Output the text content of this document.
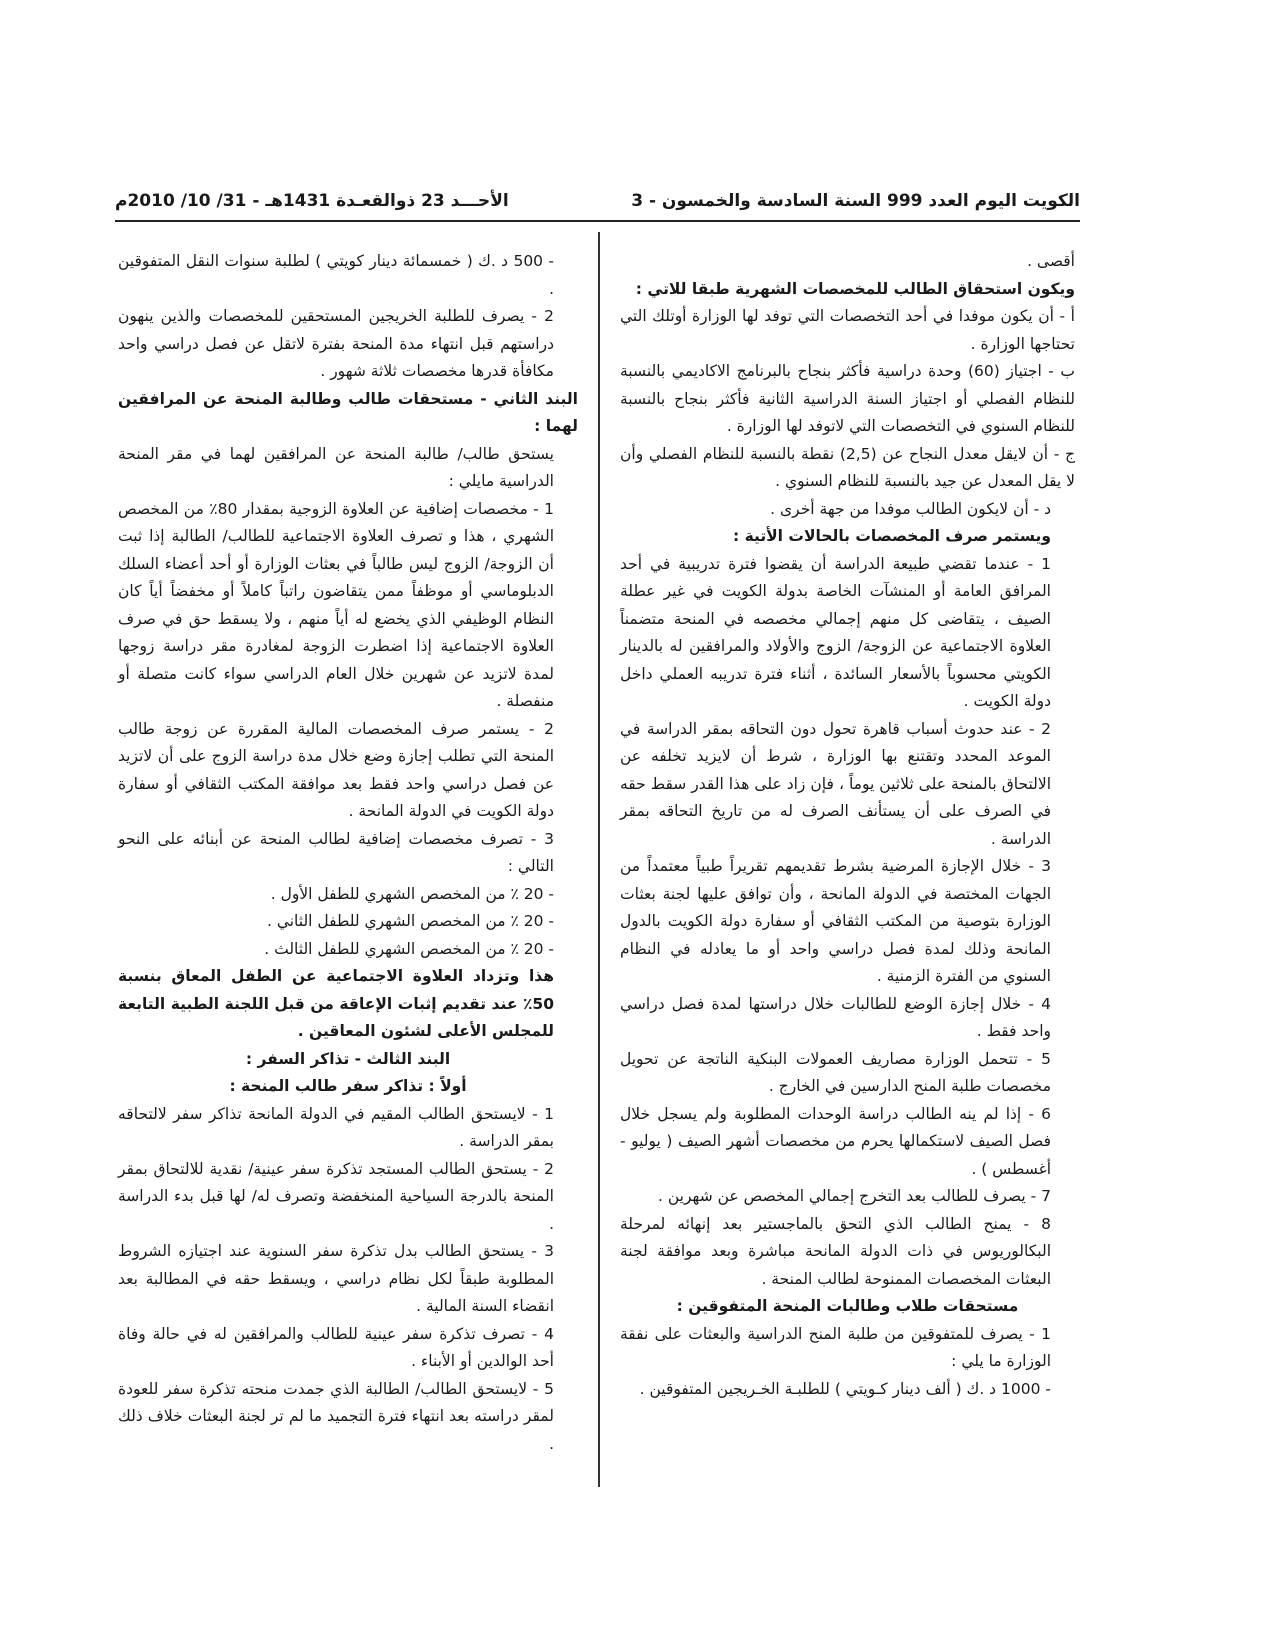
الكويت اليوم العدد 999 السنة السادسة والخمسون - 3
الأحـــد 23 ذوالقعـدة 1431هـ - 31/ 10/ 2010م

أقصى .

ويكون استحقاق الطالب للمخصصات الشهرية طبقا للاتي :

أ - أن يكون موفدا في أحد التخصصات التي توفد لها الوزارة أوتلك التي تحتاجها الوزارة .

ب - اجتياز (60) وحدة دراسية فأكثر بنجاح بالبرنامج الاكاديمي بالنسبة للنظام الفصلي أو اجتياز السنة الدراسية الثانية فأكثر بنجاح بالنسبة للنظام السنوي في التخصصات التي لاتوفد لها الوزارة .

ج - أن لايقل معدل النجاح عن (2,5) نقطة بالنسبة للنظام الفصلي وأن لا يقل المعدل عن جيد بالنسبة للنظام السنوي .

د - أن لايكون الطالب موفدا من جهة أخرى .

ويستمر صرف المخصصات بالحالات الأتية :

1 - عندما تقضي طبيعة الدراسة أن يقضوا فترة تدريبية في أحد المرافق العامة أو المنشآت الخاصة بدولة الكويت في غير عطلة الصيف ، يتقاضى كل منهم إجمالي مخصصه في المنحة متضمناً العلاوة الاجتماعية عن الزوجة/ الزوج والأولاد والمرافقين له بالدينار الكويتي محسوباً بالأسعار السائدة ، أثناء فترة تدريبه العملي داخل دولة الكويت .

2 - عند حدوث أسباب قاهرة تحول دون التحاقه بمقر الدراسة في الموعد المحدد وتقتنع بها الوزارة ، شرط أن لايزيد تخلفه عن الالتحاق بالمنحة على ثلاثين يوماً ، فإن زاد على هذا القدر سقط حقه في الصرف على أن يستأنف الصرف له من تاريخ التحاقه بمقر الدراسة .

3 - خلال الإجازة المرضية بشرط تقديمهم تقريراً طبياً معتمداً من الجهات المختصة في الدولة المانحة ، وأن توافق عليها لجنة بعثات الوزارة بتوصية من المكتب الثقافي أو سفارة دولة الكويت بالدول المانحة وذلك لمدة فصل دراسي واحد أو ما يعادله في النظام السنوي من الفترة الزمنية .

4 - خلال إجازة الوضع للطالبات خلال دراستها لمدة فصل دراسي واحد فقط .

5 - تتحمل الوزارة مصاريف العمولات البنكية الناتجة عن تحويل مخصصات طلبة المنح الدارسين في الخارج .

6 - إذا لم ينه الطالب دراسة الوحدات المطلوبة ولم يسجل خلال فصل الصيف لاستكمالها يحرم من مخصصات أشهر الصيف ( يوليو - أغسطس ) .

7 - يصرف للطالب بعد التخرج إجمالي المخصص عن شهرين .

8 - يمنح الطالب الذي التحق بالماجستير بعد إنهائه لمرحلة البكالوريوس في ذات الدولة المانحة مباشرة وبعد موافقة لجنة البعثات المخصصات الممنوحة لطالب المنحة .

مستحقات طلاب وطالبات المنحة المتفوقين :

1 - يصرف للمتفوقين من طلبة المنح الدراسية والبعثات على نفقة الوزارة ما يلي :

- 1000 د .ك ( ألف دينار كـويتي ) للطلبـة الخـريجين المتفوقين .

- 500 د .ك ( خمسمائة دينار كويتي ) لطلبة سنوات النقل المتفوقين .

2 - يصرف للطلبة الخريجين المستحقين للمخصصات والذين ينهون دراستهم قبل انتهاء مدة المنحة بفترة لاتقل عن فصل دراسي واحد مكافأة قدرها مخصصات ثلاثة شهور .

البند الثاني - مستحقات طالب وطالبة المنحة عن المرافقين لهما :

يستحق طالب/ طالبة المنحة عن المرافقين لهما في مقر المنحة الدراسية مايلي :

1 - مخصصات إضافية عن العلاوة الزوجية بمقدار 80٪ من المخصص الشهري ، هذا و تصرف العلاوة الاجتماعية للطالب/ الطالبة إذا ثبت أن الزوجة/ الزوج ليس طالباً في بعثات الوزارة أو أحد أعضاء السلك الدبلوماسي أو موظفاً ممن يتقاضون راتباً كاملاً أو مخفضاً أياً كان النظام الوظيفي الذي يخضع له أياً منهم ، ولا يسقط حق في صرف العلاوة الاجتماعية إذا اضطرت الزوجة لمغادرة مقر دراسة زوجها لمدة لاتزيد عن شهرين خلال العام الدراسي سواء كانت متصلة أو منفصلة .

2 - يستمر صرف المخصصات المالية المقررة عن زوجة طالب المنحة التي تطلب إجازة وضع خلال مدة دراسة الزوج على أن لاتزيد عن فصل دراسي واحد فقط بعد موافقة المكتب الثقافي أو سفارة دولة الكويت في الدولة المانحة .

3 - تصرف مخصصات إضافية لطالب المنحة عن أبنائه على النحو التالي :

- 20 ٪ من المخصص الشهري للطفل الأول .

- 20 ٪ من المخصص الشهري للطفل الثاني .

- 20 ٪ من المخصص الشهري للطفل الثالث .

هذا وتزداد العلاوة الاجتماعية عن الطفل المعاق بنسبة 50٪ عند تقديم إثبات الإعاقة من قبل اللجنة الطبية التابعة للمجلس الأعلى لشئون المعاقين .

البند الثالث - تذاكر السفر :

أولاً : تذاكر سفر طالب المنحة :

1 - لايستحق الطالب المقيم في الدولة المانحة تذاكر سفر لالتحاقه بمقر الدراسة .

2 - يستحق الطالب المستجد تذكرة سفر عينية/ نقدية للالتحاق بمقر المنحة بالدرجة السياحية المنخفضة وتصرف له/ لها قبل بدء الدراسة .

3 - يستحق الطالب بدل تذكرة سفر السنوية عند اجتيازه الشروط المطلوبة طبقاً لكل نظام دراسي ، ويسقط حقه في المطالبة بعد انقضاء السنة المالية .

4 - تصرف تذكرة سفر عينية للطالب والمرافقين له في حالة وفاة أحد الوالدين أو الأبناء .

5 - لايستحق الطالب/ الطالبة الذي جمدت منحته تذكرة سفر للعودة لمقر دراسته بعد انتهاء فترة التجميد ما لم تر لجنة البعثات خلاف ذلك .
